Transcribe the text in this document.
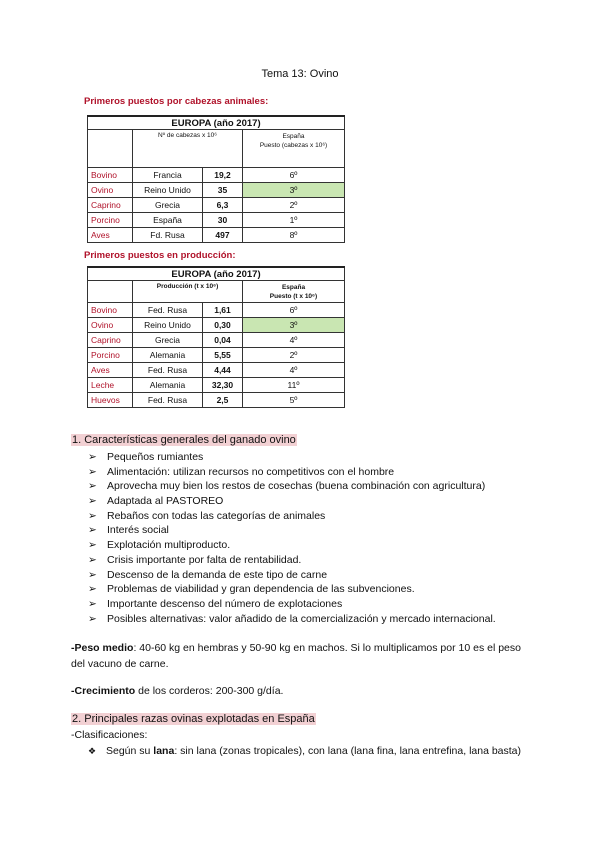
Tema 13: Ovino
Primeros puestos por cabezas animales:
EUROPA (año 2017)			
	Nº de cabezas x 10⁶		España
Puesto (cabezas x 10⁶)
Bovino	Francia	19,2	6º
Ovino	Reino Unido	35	3º
Caprino	Grecia	6,3	2º
Porcino	España	30	1º
Aves	Fd. Rusa	497	8º
Primeros puestos en producción:
EUROPA (año 2017)			
	Producción (t x 10⁶)		España
Puesto (t x 10⁶)
Bovino	Fed. Rusa	1,61	6º
Ovino	Reino Unido	0,30	3º
Caprino	Grecia	0,04	4º
Porcino	Alemania	5,55	2º
Aves	Fed. Rusa	4,44	4º
Leche	Alemania	32,30	11º
Huevos	Fed. Rusa	2,5	5º
1. Características generales del ganado ovino
➢ Pequeños rumiantes
➢ Alimentación: utilizan recursos no competitivos con el hombre
➢ Aprovecha muy bien los restos de cosechas (buena combinación con agricultura)
➢ Adaptada al PASTOREO
➢ Rebaños con todas las categorías de animales
➢ Interés social
➢ Explotación multiproducto.
➢ Crisis importante por falta de rentabilidad.
➢ Descenso de la demanda de este tipo de carne
➢ Problemas de viabilidad y gran dependencia de las subvenciones.
➢ Importante descenso del número de explotaciones
➢ Posibles alternativas: valor añadido de la comercialización y mercado internacional.
-Peso medio: 40-60 kg en hembras y 50-90 kg en machos. Si lo multiplicamos por 10 es el peso del vacuno de carne.
-Crecimiento de los corderos: 200-300 g/día.
2. Principales razas ovinas explotadas en España
-Clasificaciones:
❖ Según su lana: sin lana (zonas tropicales), con lana (lana fina, lana entrefina, lana basta)
